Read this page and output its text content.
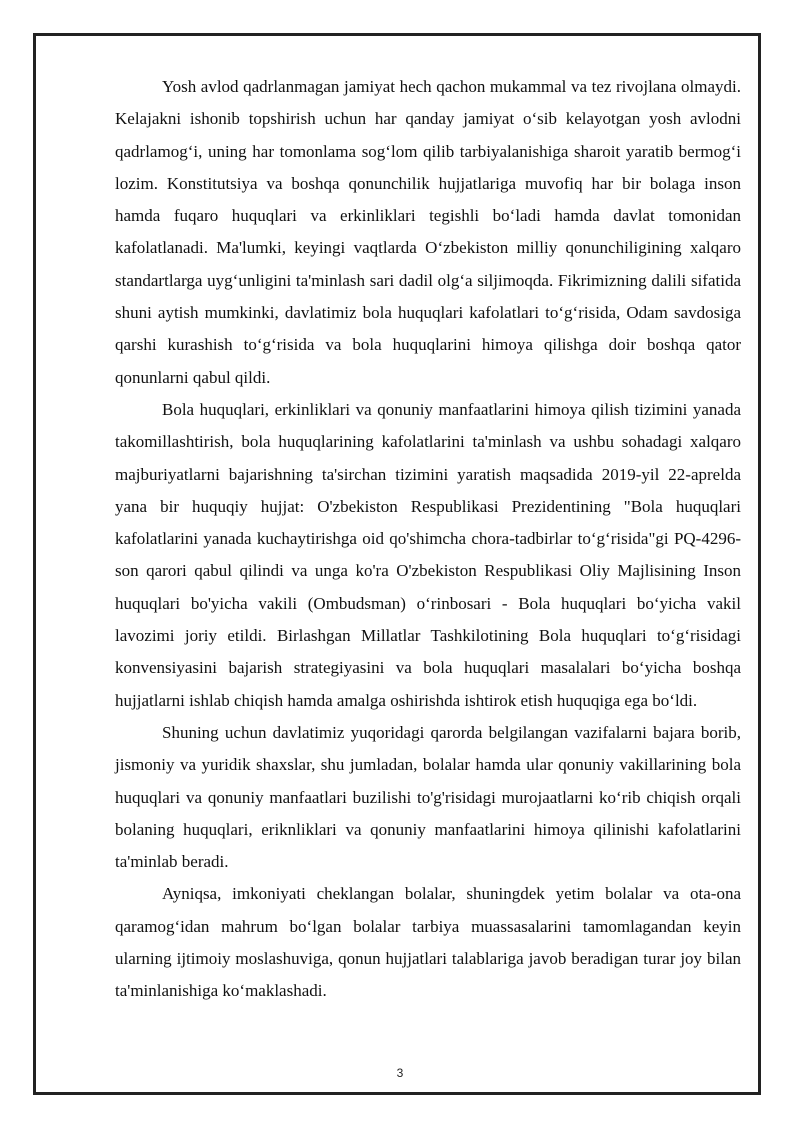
Yosh avlod qadrlanmagan jamiyat hech qachon mukammal va tez rivojlana olmaydi. Kelajakni ishonib topshirish uchun har qanday jamiyat o‘sib kelayotgan yosh avlodni qadrlamog‘i, uning har tomonlama sog‘lom qilib tarbiyalanishiga sharoit yaratib bermog‘i lozim. Konstitutsiya va boshqa qonunchilik hujjatlariga muvofiq har bir bolaga inson hamda fuqaro huquqlari va erkinliklari tegishli bo‘ladi hamda davlat tomonidan kafolatlanadi. Ma'lumki, keyingi vaqtlarda O‘zbekiston milliy qonunchiligining xalqaro standartlarga uyg‘unligini ta'minlash sari dadil olg‘a siljimoqda. Fikrimizning dalili sifatida shuni aytish mumkinki, davlatimiz bola huquqlari kafolatlari to‘g‘risida, Odam savdosiga qarshi kurashish to‘g‘risida va bola huquqlarini himoya qilishga doir boshqa qator qonunlarni qabul qildi.

Bola huquqlari, erkinliklari va qonuniy manfaatlarini himoya qilish tizimini yanada takomillashtirish, bola huquqlarining kafolatlarini ta'minlash va ushbu sohadagi xalqaro majburiyatlarni bajarishning ta'sirchan tizimini yaratish maqsadida 2019-yil 22-aprelda yana bir huquqiy hujjat: O'zbekiston Respublikasi Prezidentining "Bola huquqlari kafolatlarini yanada kuchaytirishga oid qo'shimcha chora-tadbirlar to‘g‘risida"gi PQ-4296-son qarori qabul qilindi va unga ko'ra O'zbekiston Respublikasi Oliy Majlisining Inson huquqlari bo'yicha vakili (Ombudsman) o‘rinbosari - Bola huquqlari bo‘yicha vakil lavozimi joriy etildi. Birlashgan Millatlar Tashkilotining Bola huquqlari to‘g‘risidagi konvensiyasini bajarish strategiyasini va bola huquqlari masalalari bo‘yicha boshqa hujjatlarni ishlab chiqish hamda amalga oshirishda ishtirok etish huquqiga ega bo‘ldi.

Shuning uchun davlatimiz yuqoridagi qarorda belgilangan vazifalarni bajara borib, jismoniy va yuridik shaxslar, shu jumladan, bolalar hamda ular qonuniy vakillarining bola huquqlari va qonuniy manfaatlari buzilishi to'g'risidagi murojaatlarni ko‘rib chiqish orqali bolaning huquqlari, eriknliklari va qonuniy manfaatlarini himoya qilinishi kafolatlarini ta'minlab beradi.

Ayniqsa, imkoniyati cheklangan bolalar, shuningdek yetim bolalar va ota-ona qaramog‘idan mahrum bo‘lgan bolalar tarbiya muassasalarini tamomlagandan keyin ularning ijtimoiy moslashuviga, qonun hujjatlari talablariga javob beradigan turar joy bilan ta'minlanishiga ko‘maklashadi.

3
